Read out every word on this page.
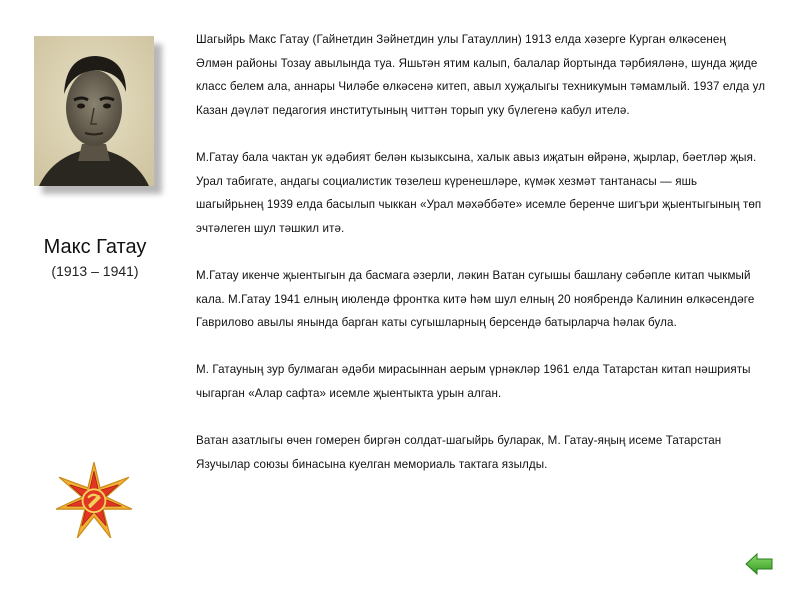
Макс Гатау
(1913 – 1941)

Шагыйрь Макс Гатау (Гайнетдин Зәйнетдин улы Гатауллин) 1913 елда хәзерге Курган өлкәсенең Әлмән районы Тозау авылында туа. Яшьтән ятим калып, балалар йортында тәрбияләнә, шунда җиде класс белем ала, аннары Чиләбе өлкәсенә китеп, авыл хуҗалыгы техникумын тәмамлый. 1937 елда ул Казан дәүләт педагогия институтының читтән торып уку бүлегенә кабул ителә.

М.Гатау бала чактан ук әдәбият белән кызыксына, халык авыз иҗатын өйрәнә, җырлар, бәетләр җыя. Урал табигате, андагы социалистик төзелеш күренешләре, күмәк хезмәт тантанасы — яшь шагыйрьнең 1939 елда басылып чыккан «Урал мәхәббәте» исемле беренче шигъри җыентыгының төп эчтәлеген шул тәшкил итә.

М.Гатау икенче җыентыгын да басмага әзерли, ләкин Ватан сугышы башлану сәбәпле китап чыкмый кала. М.Гатау 1941 елның июлендә фронтка китә һәм шул елның 20 ноябрендә Калинин өлкәсендәге Гаврилово авылы янында барган каты сугышларның берсендә батырларча һәлак була.

М. Гатауның зур булмаган әдәби мирасыннан аерым үрнәкләр 1961 елда Татарстан китап нәшрияты чыгарган «Алар сафта» исемле җыентыкта урын алган.

Ватан азатлыгы өчен гомерен биргән солдат-шагыйрь буларак, М. Гатау-яңың исеме Татарстан Язучылар союзы бинасына куелган мемориаль тактага язылды.
